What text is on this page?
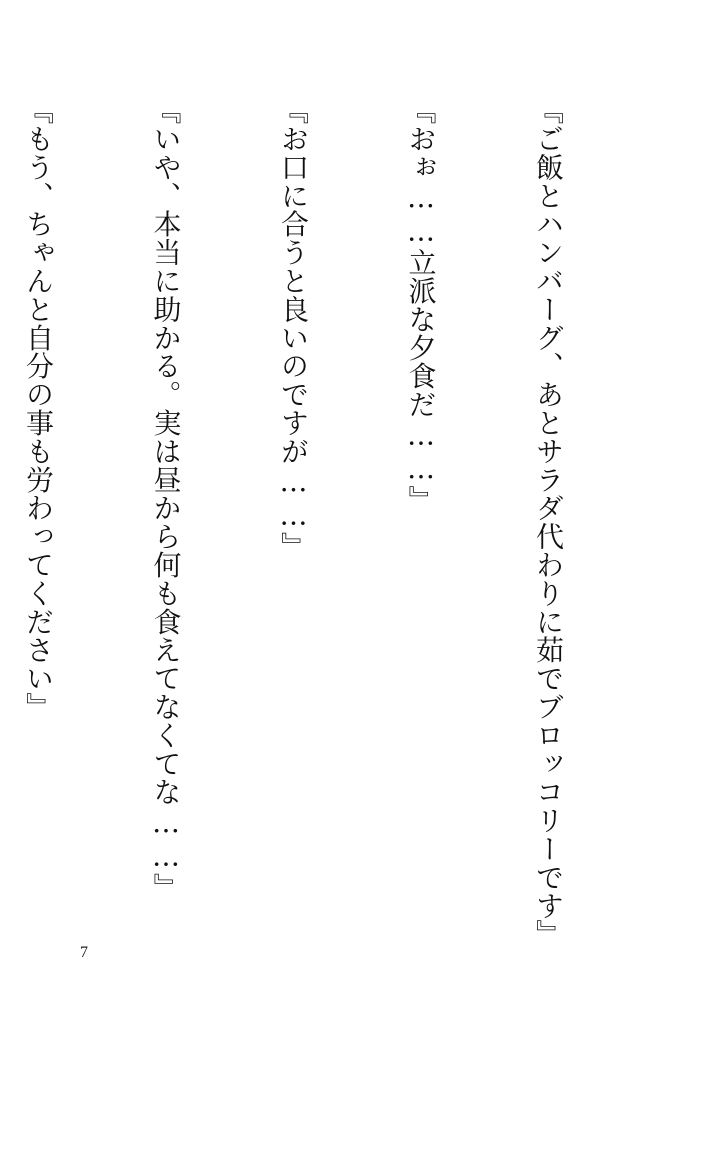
『ご飯とハンバーグ、あとサラダ代わりに茹でブロッコリーです』

『おぉ……立派な夕食だ……』

『お口に合うと良いのですが……』

『いや、本当に助かる。実は昼から何も食えてなくてな……』

『もう、ちゃんと自分の事も労わってください』

7
